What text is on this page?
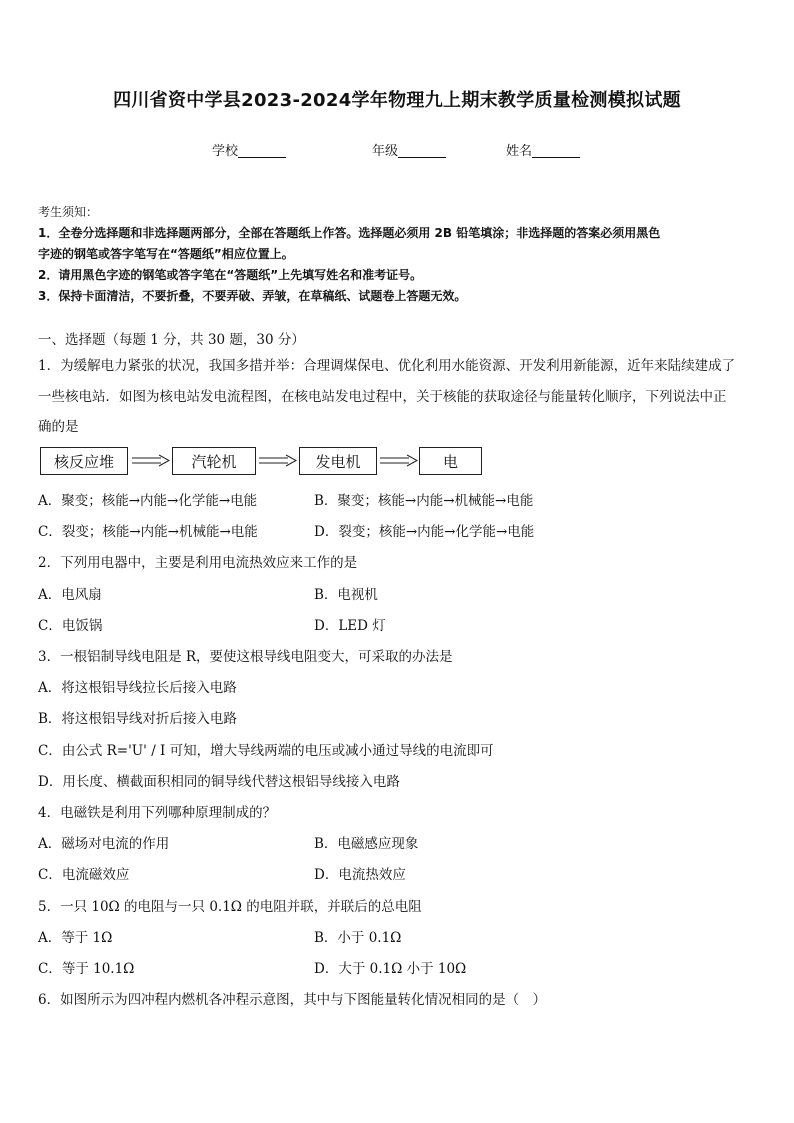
四川省资中学县2023-2024学年物理九上期末教学质量检测模拟试题
学校	年级	姓名
考生须知：
1．全卷分选择题和非选择题两部分，全部在答题纸上作答。选择题必须用 2B 铅笔填涂；非选择题的答案必须用黑色
字迹的钢笔或答字笔写在“答题纸”相应位置上。
2．请用黑色字迹的钢笔或答字笔在“答题纸”上先填写姓名和准考证号。
3．保持卡面清洁，不要折叠，不要弄破、弄皱，在草稿纸、试题卷上答题无效。
一、选择题（每题 1 分，共 30 题，30 分）
1．为缓解电力紧张的状况，我国多措并举：合理调煤保电、优化利用水能资源、开发利用新能源，近年来陆续建成了
一些核电站．如图为核电站发电流程图，在核电站发电过程中，关于核能的获取途径与能量转化顺序，下列说法中正
确的是
核反应堆	汽轮机	发电机	电
A．聚变；核能→内能→化学能→电能	B．聚变；核能→内能→机械能→电能
C．裂变；核能→内能→机械能→电能	D．裂变；核能→内能→化学能→电能
2．下列用电器中，主要是利用电流热效应来工作的是
A．电风扇	B．电视机
C．电饭锅	D．LED 灯
3．一根铝制导线电阻是 R，要使这根导线电阻变大，可采取的办法是
A．将这根铝导线拉长后接入电路
B．将这根铝导线对折后接入电路
C．由公式 R='U' / I 可知，增大导线两端的电压或减小通过导线的电流即可
D．用长度、横截面积相同的铜导线代替这根铝导线接入电路
4．电磁铁是利用下列哪种原理制成的？
A．磁场对电流的作用	B．电磁感应现象
C．电流磁效应	D．电流热效应
5．一只 10Ω 的电阻与一只 0.1Ω 的电阻并联，并联后的总电阻
A．等于 1Ω	B．小于 0.1Ω
C．等于 10.1Ω	D．大于 0.1Ω 小于 10Ω
6．如图所示为四冲程内燃机各冲程示意图，其中与下图能量转化情况相同的是（　）
